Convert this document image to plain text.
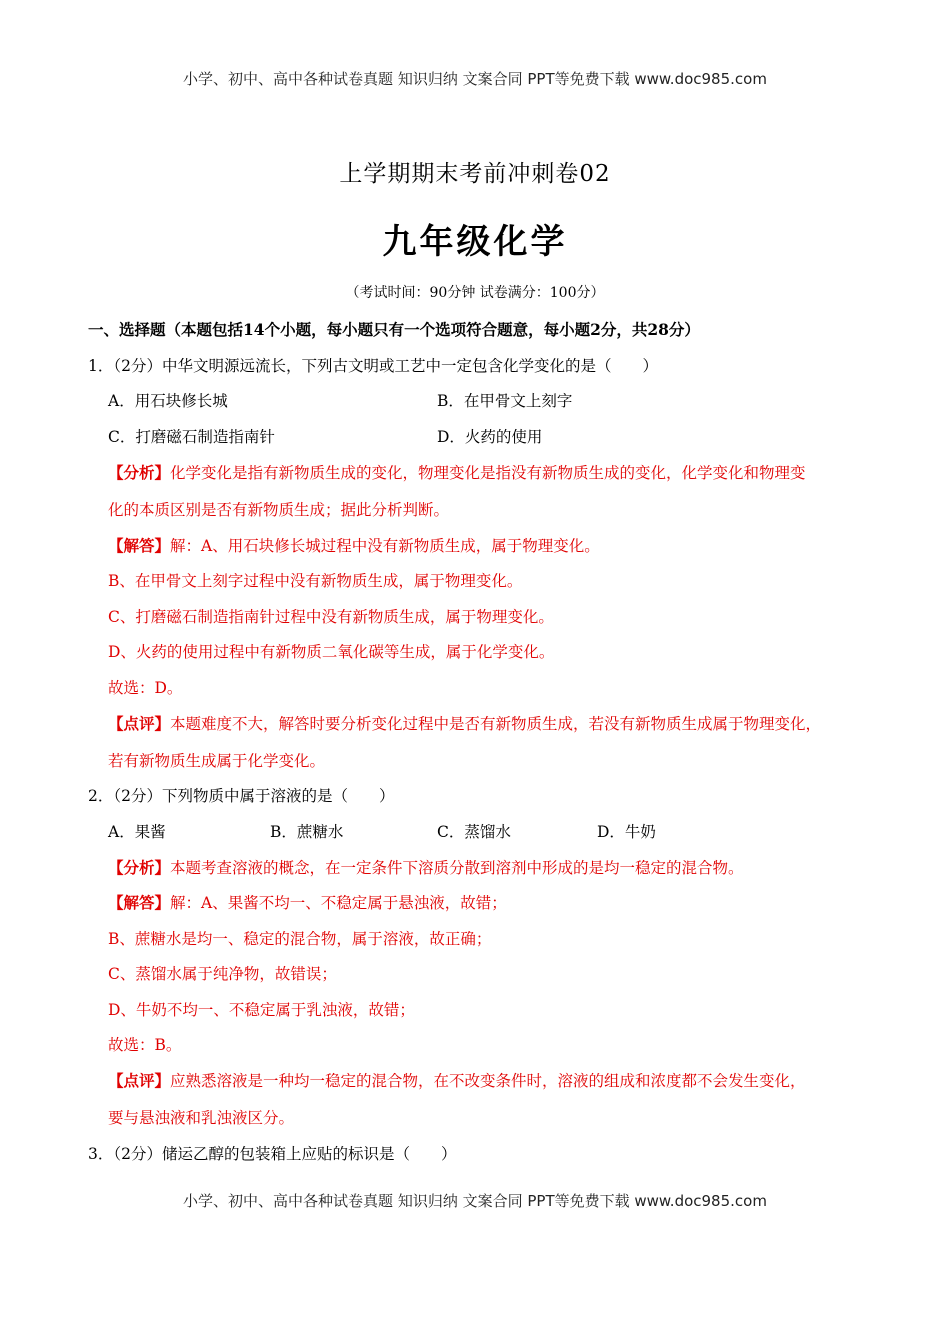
小学、初中、高中各种试卷真题 知识归纳 文案合同 PPT等免费下载 www.doc985.com
上学期期末考前冲刺卷02
九年级化学
（考试时间：90分钟 试卷满分：100分）
一、选择题（本题包括14个小题，每小题只有一个选项符合题意，每小题2分，共28分）
1．（2分）中华文明源远流长，下列古文明或工艺中一定包含化学变化的是（　　）
A．用石块修长城	B．在甲骨文上刻字
C．打磨磁石制造指南针	D．火药的使用
【分析】化学变化是指有新物质生成的变化，物理变化是指没有新物质生成的变化，化学变化和物理变
化的本质区别是否有新物质生成；据此分析判断。
【解答】解：A、用石块修长城过程中没有新物质生成，属于物理变化。
B、在甲骨文上刻字过程中没有新物质生成，属于物理变化。
C、打磨磁石制造指南针过程中没有新物质生成，属于物理变化。
D、火药的使用过程中有新物质二氧化碳等生成，属于化学变化。
故选：D。
【点评】本题难度不大，解答时要分析变化过程中是否有新物质生成，若没有新物质生成属于物理变化，
若有新物质生成属于化学变化。
2．（2分）下列物质中属于溶液的是（　　）
A．果酱	B．蔗糖水	C．蒸馏水	D．牛奶
【分析】本题考查溶液的概念，在一定条件下溶质分散到溶剂中形成的是均一稳定的混合物。
【解答】解：A、果酱不均一、不稳定属于悬浊液，故错；
B、蔗糖水是均一、稳定的混合物，属于溶液，故正确；
C、蒸馏水属于纯净物，故错误；
D、牛奶不均一、不稳定属于乳浊液，故错；
故选：B。
【点评】应熟悉溶液是一种均一稳定的混合物，在不改变条件时，溶液的组成和浓度都不会发生变化，
要与悬浊液和乳浊液区分。
3．（2分）储运乙醇的包装箱上应贴的标识是（　　）
小学、初中、高中各种试卷真题 知识归纳 文案合同 PPT等免费下载 www.doc985.com
